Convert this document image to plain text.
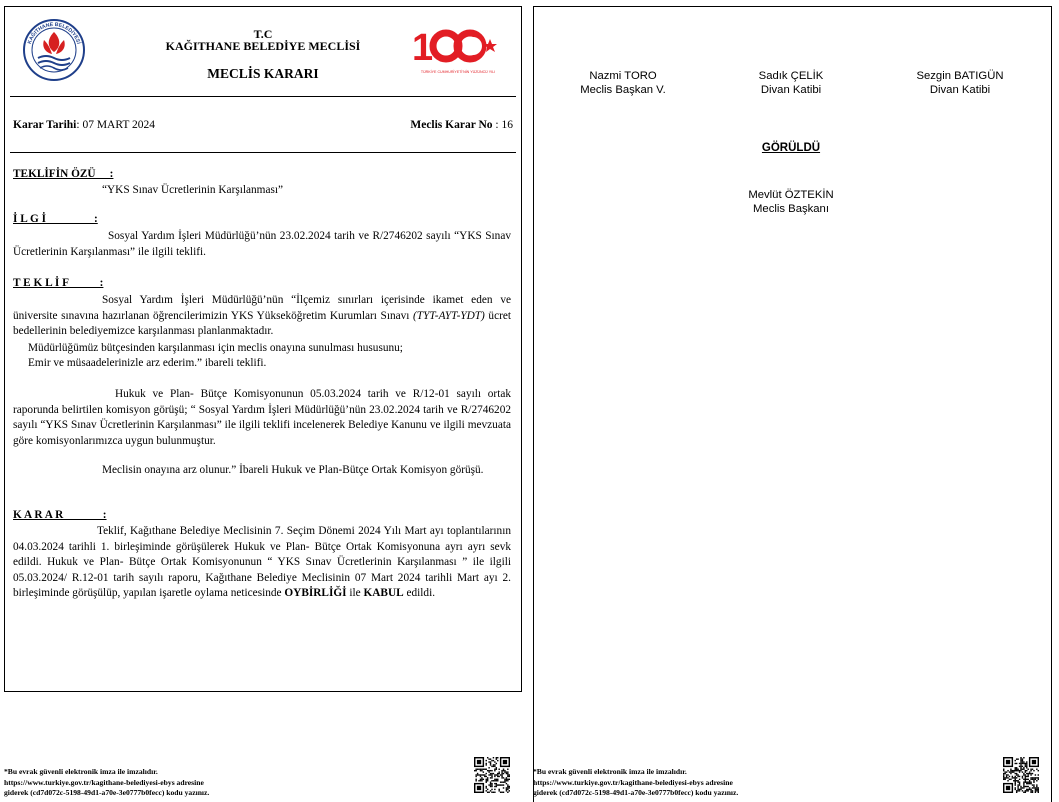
KAĞITHANE BELEDİYESİ
T.C
KAĞITHANE BELEDİYE MECLİSİ
MECLİS KARARI
1
TÜRKİYE CUMHURİYETİ'NİN YÜZÜNCÜ YILI
Karar Tarihi: 07 MART 2024	Meclis Karar No : 16
TEKLİFİN ÖZÜ     :
“YKS Sınav Ücretlerinin Karşılanması”
İ L G İ                 :
Sosyal Yardım İşleri Müdürlüğü’nün 23.02.2024 tarih ve R/2746202 sayılı “YKS Sınav Ücretlerinin Karşılanması” ile ilgili teklifi.
T E K L İ F           :
Sosyal Yardım İşleri Müdürlüğü’nün “İlçemiz sınırları içerisinde ikamet eden ve üniversite sınavına hazırlanan öğrencilerimizin YKS Yükseköğretim Kurumları Sınavı (TYT-AYT-YDT) ücret bedellerinin belediyemizce karşılanması planlanmaktadır.
Müdürlüğümüz bütçesinden karşılanması için meclis onayına sunulması hususunu;
Emir ve müsaadelerinizle arz ederim.” ibareli teklifi.
Hukuk ve Plan- Bütçe Komisyonunun 05.03.2024 tarih ve R/12-01 sayılı ortak raporunda belirtilen komisyon görüşü; “ Sosyal Yardım İşleri Müdürlüğü’nün 23.02.2024 tarih ve R/2746202 sayılı “YKS Sınav Ücretlerinin Karşılanması” ile ilgili teklifi incelenerek Belediye Kanunu ve ilgili mevzuata göre komisyonlarımızca uygun bulunmuştur.
Meclisin onayına arz olunur.” İbareli Hukuk ve Plan-Bütçe Ortak Komisyon görüşü.
K A R A R              :
Teklif, Kağıthane Belediye Meclisinin 7. Seçim Dönemi 2024 Yılı Mart ayı toplantılarının 04.03.2024 tarihli 1. birleşiminde görüşülerek Hukuk ve Plan- Bütçe Ortak Komisyonuna ayrı ayrı sevk edildi. Hukuk ve Plan- Bütçe Ortak Komisyonunun “ YKS Sınav Ücretlerinin Karşılanması ” ile ilgili 05.03.2024/ R.12-01 tarih sayılı raporu, Kağıthane Belediye Meclisinin 07 Mart 2024 tarihli Mart ayı 2. birleşiminde görüşülüp, yapılan işaretle oylama neticesinde OYBİRLİĞİ ile KABUL edildi.
*Bu evrak güvenli elektronik imza ile imzalıdır.
https://www.turkiye.gov.tr/kagithane-belediyesi-ebys adresine
giderek (cd7d072c-5198-49d1-a70e-3e0777b0fecc) kodu yazınız.
Nazmi TORO
Meclis Başkan V.
Sadık ÇELİK
Divan Katibi
Sezgin BATIGÜN
Divan Katibi
GÖRÜLDÜ
Mevlüt ÖZTEKİN
Meclis Başkanı
*Bu evrak güvenli elektronik imza ile imzalıdır.
https://www.turkiye.gov.tr/kagithane-belediyesi-ebys adresine
giderek (cd7d072c-5198-49d1-a70e-3e0777b0fecc) kodu yazınız.
